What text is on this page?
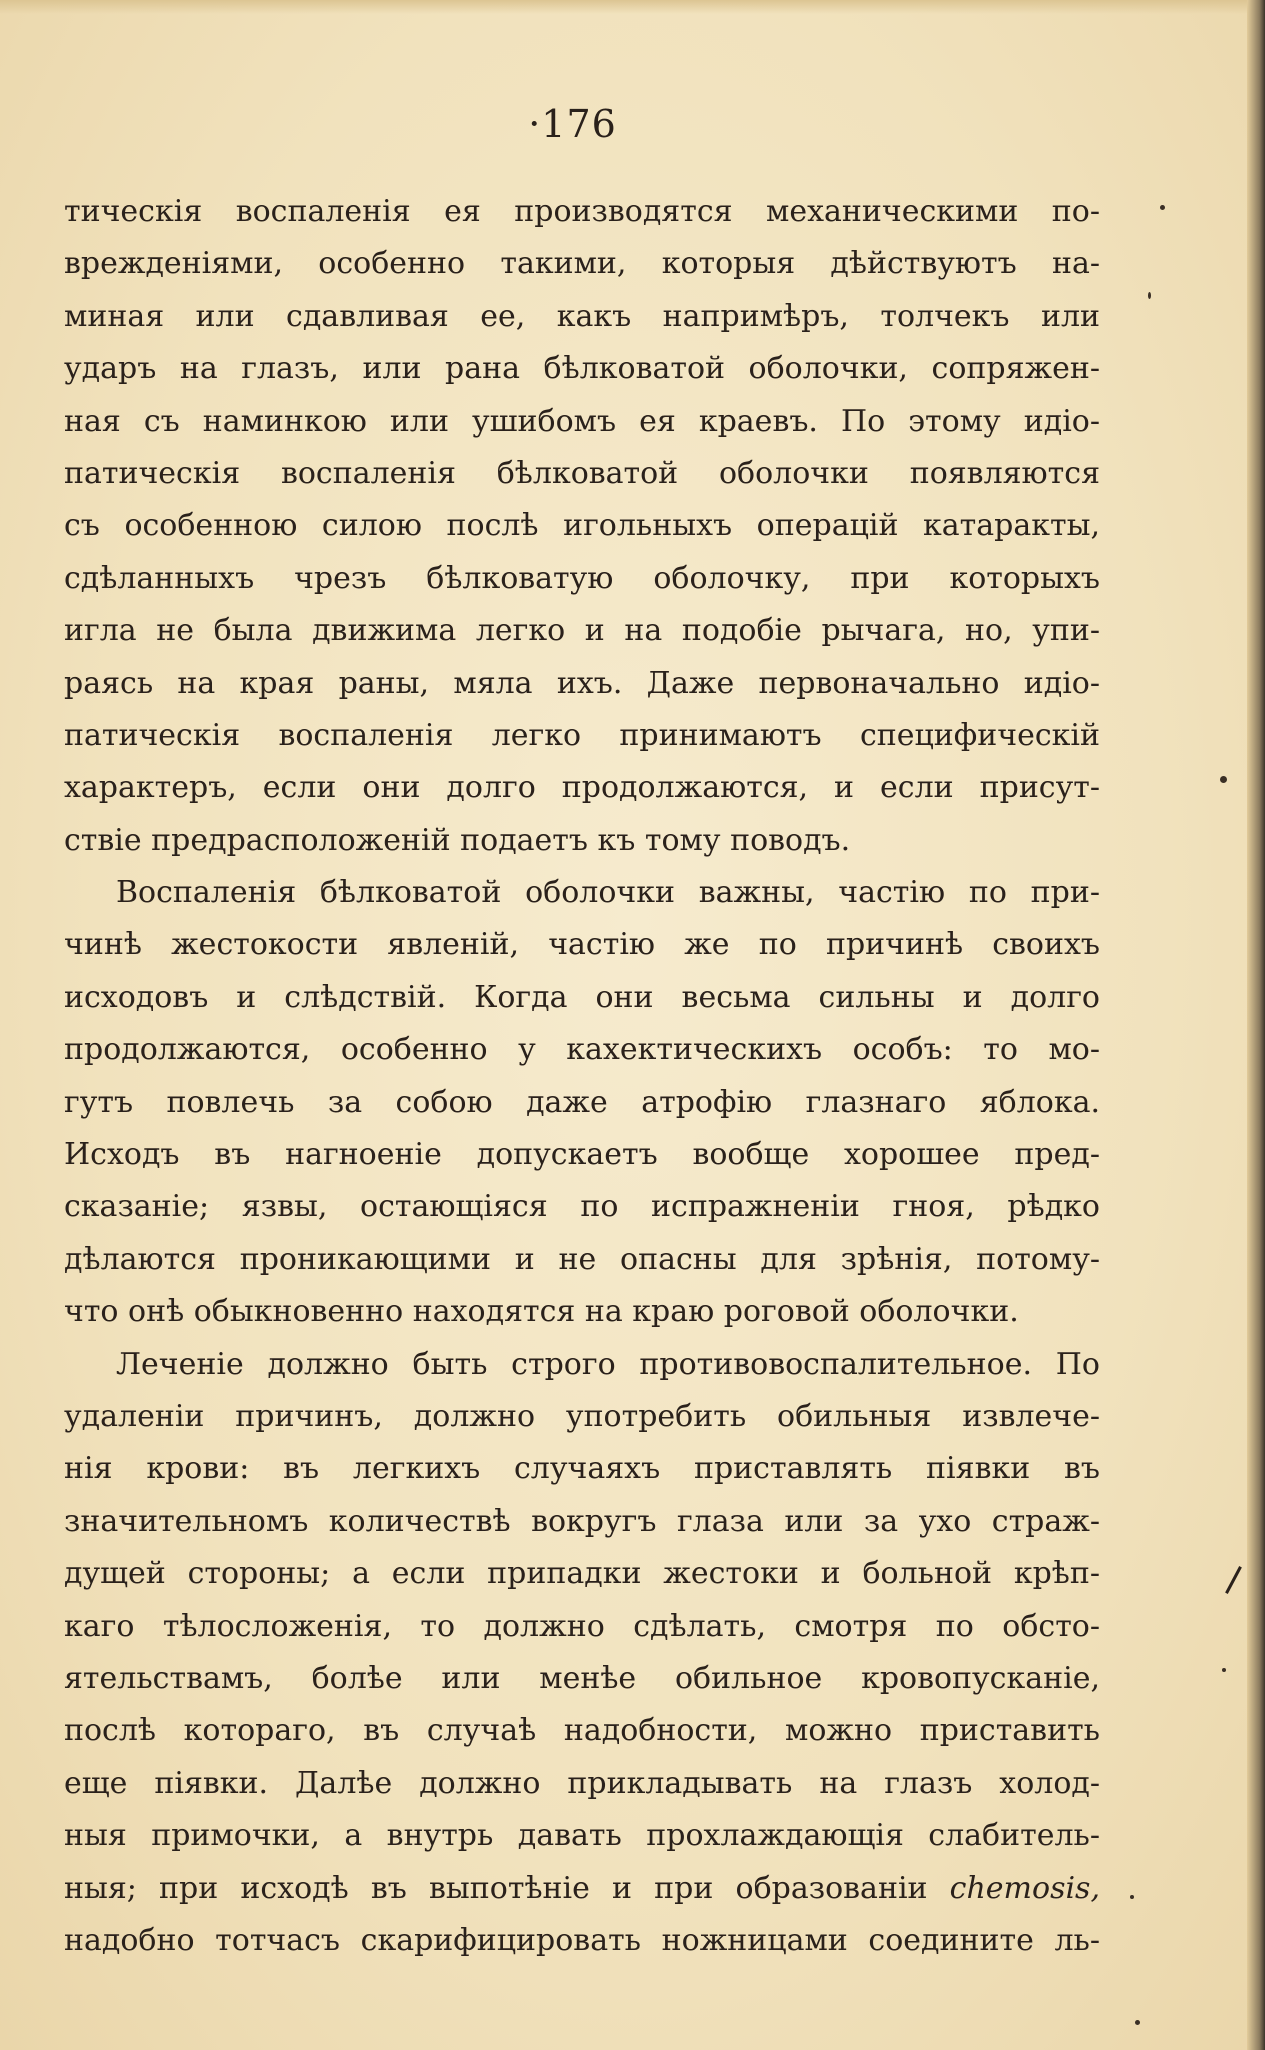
·176
тическія воспаленія ея производятся механическими по-
врежденіями, особенно такими, которыя дѣйствуютъ на-
миная или сдавливая ее, какъ напримѣръ, толчекъ или
ударъ на глазъ, или рана бѣлковатой оболочки, сопряжен-
ная съ наминкою или ушибомъ ея краевъ. По этому идіо-
патическія воспаленія бѣлковатой оболочки появляются
съ особенною силою послѣ игольныхъ операцій катаракты,
сдѣланныхъ чрезъ бѣлковатую оболочку, при которыхъ
игла не была движима легко и на подобіе рычага, но, упи-
раясь на края раны, мяла ихъ. Даже первоначально идіо-
патическія воспаленія легко принимаютъ специфическій
характеръ, если они долго продолжаются, и если присут-
ствіе предрасположеній подаетъ къ тому поводъ.
Воспаленія бѣлковатой оболочки важны, частію по при-
чинѣ жестокости явленій, частію же по причинѣ своихъ
исходовъ и слѣдствій. Когда они весьма сильны и долго
продолжаются, особенно у кахектическихъ особъ: то мо-
гутъ повлечь за собою даже атрофію глазнаго яблока.
Исходъ въ нагноеніе допускаетъ вообще хорошее пред-
сказаніе; язвы, остающіяся по испражненіи гноя, рѣдко
дѣлаются проникающими и не опасны для зрѣнія, потому-
что онѣ обыкновенно находятся на краю роговой оболочки.
Леченіе должно быть строго противовоспалительное. По
удаленіи причинъ, должно употребить обильныя извлече-
нія крови: въ легкихъ случаяхъ приставлять піявки въ
значительномъ количествѣ вокругъ глаза или за ухо страж-
дущей стороны; а если припадки жестоки и больной крѣп-
каго тѣлосложенія, то должно сдѣлать, смотря по обсто-
ятельствамъ, болѣе или менѣе обильное кровопусканіе,
послѣ котораго, въ случаѣ надобности, можно приставить
еще піявки. Далѣе должно прикладывать на глазъ холод-
ныя примочки, а внутрь давать прохлаждающія слабитель-
ныя; при исходѣ въ выпотѣніе и при образованіи chemosis,
надобно тотчасъ скарифицировать ножницами соедините ль-
